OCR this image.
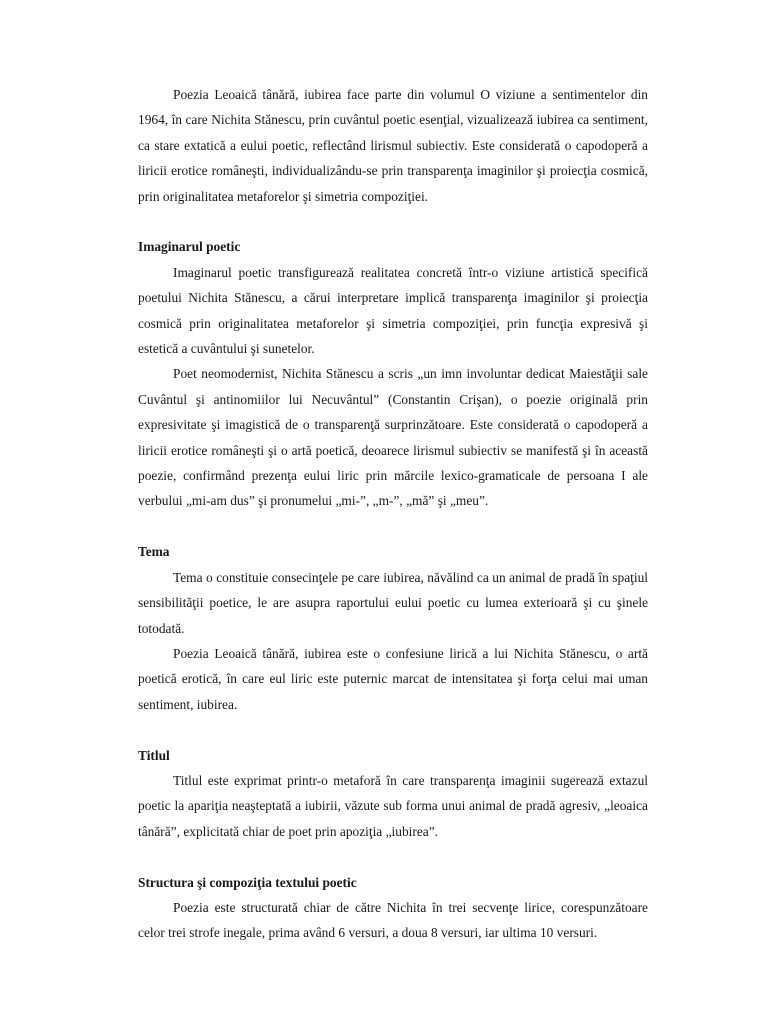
Poezia Leoaică tânără, iubirea face parte din volumul O viziune a sentimentelor din 1964, în care Nichita Stănescu, prin cuvântul poetic esenţial, vizualizează iubirea ca sentiment, ca stare extatică a eului poetic, reflectând lirismul subiectiv. Este considerată o capodoperă a liricii erotice româneşti, individualizându-se prin transparenţa imaginilor şi proiecţia cosmică, prin originalitatea metaforelor şi simetria compoziţiei.

Imaginarul poetic

Imaginarul poetic transfigurează realitatea concretă într-o viziune artistică specifică poetului Nichita Stănescu, a cărui interpretare implică transparenţa imaginilor şi proiecţia cosmică prin originalitatea metaforelor şi simetria compoziţiei, prin funcţia expresivă şi estetică a cuvântului şi sunetelor.

Poet neomodernist, Nichita Stănescu a scris „un imn involuntar dedicat Maiestăţii sale Cuvântul şi antinomiilor lui Necuvântul” (Constantin Crişan), o poezie originală prin expresivitate şi imagistică de o transparenţă surprinzătoare. Este considerată o capodoperă a liricii erotice româneşti şi o artă poetică, deoarece lirismul subiectiv se manifestă şi în această poezie, confirmând prezenţa eului liric prin mărcile lexico-gramaticale de persoana I ale verbului „mi-am dus” şi pronumelui „mi-”, „m-”, „mă” şi „meu”.

Tema

Tema o constituie consecinţele pe care iubirea, năvălind ca un animal de pradă în spaţiul sensibilităţii poetice, le are asupra raportului eului poetic cu lumea exterioară şi cu şinele totodată.

Poezia Leoaică tânără, iubirea este o confesiune lirică a lui Nichita Stănescu, o artă poetică erotică, în care eul liric este puternic marcat de intensitatea şi forţa celui mai uman sentiment, iubirea.

Titlul

Titlul este exprimat printr-o metaforă în care transparenţa imaginii sugerează extazul poetic la apariţia neaşteptată a iubirii, văzute sub forma unui animal de pradă agresiv, „leoaica tânără”, explicitată chiar de poet prin apoziţia „iubirea”.

Structura şi compoziţia textului poetic

Poezia este structurată chiar de către Nichita în trei secvenţe lirice, corespunzătoare celor trei strofe inegale, prima având 6 versuri, a doua 8 versuri, iar ultima 10 versuri.
